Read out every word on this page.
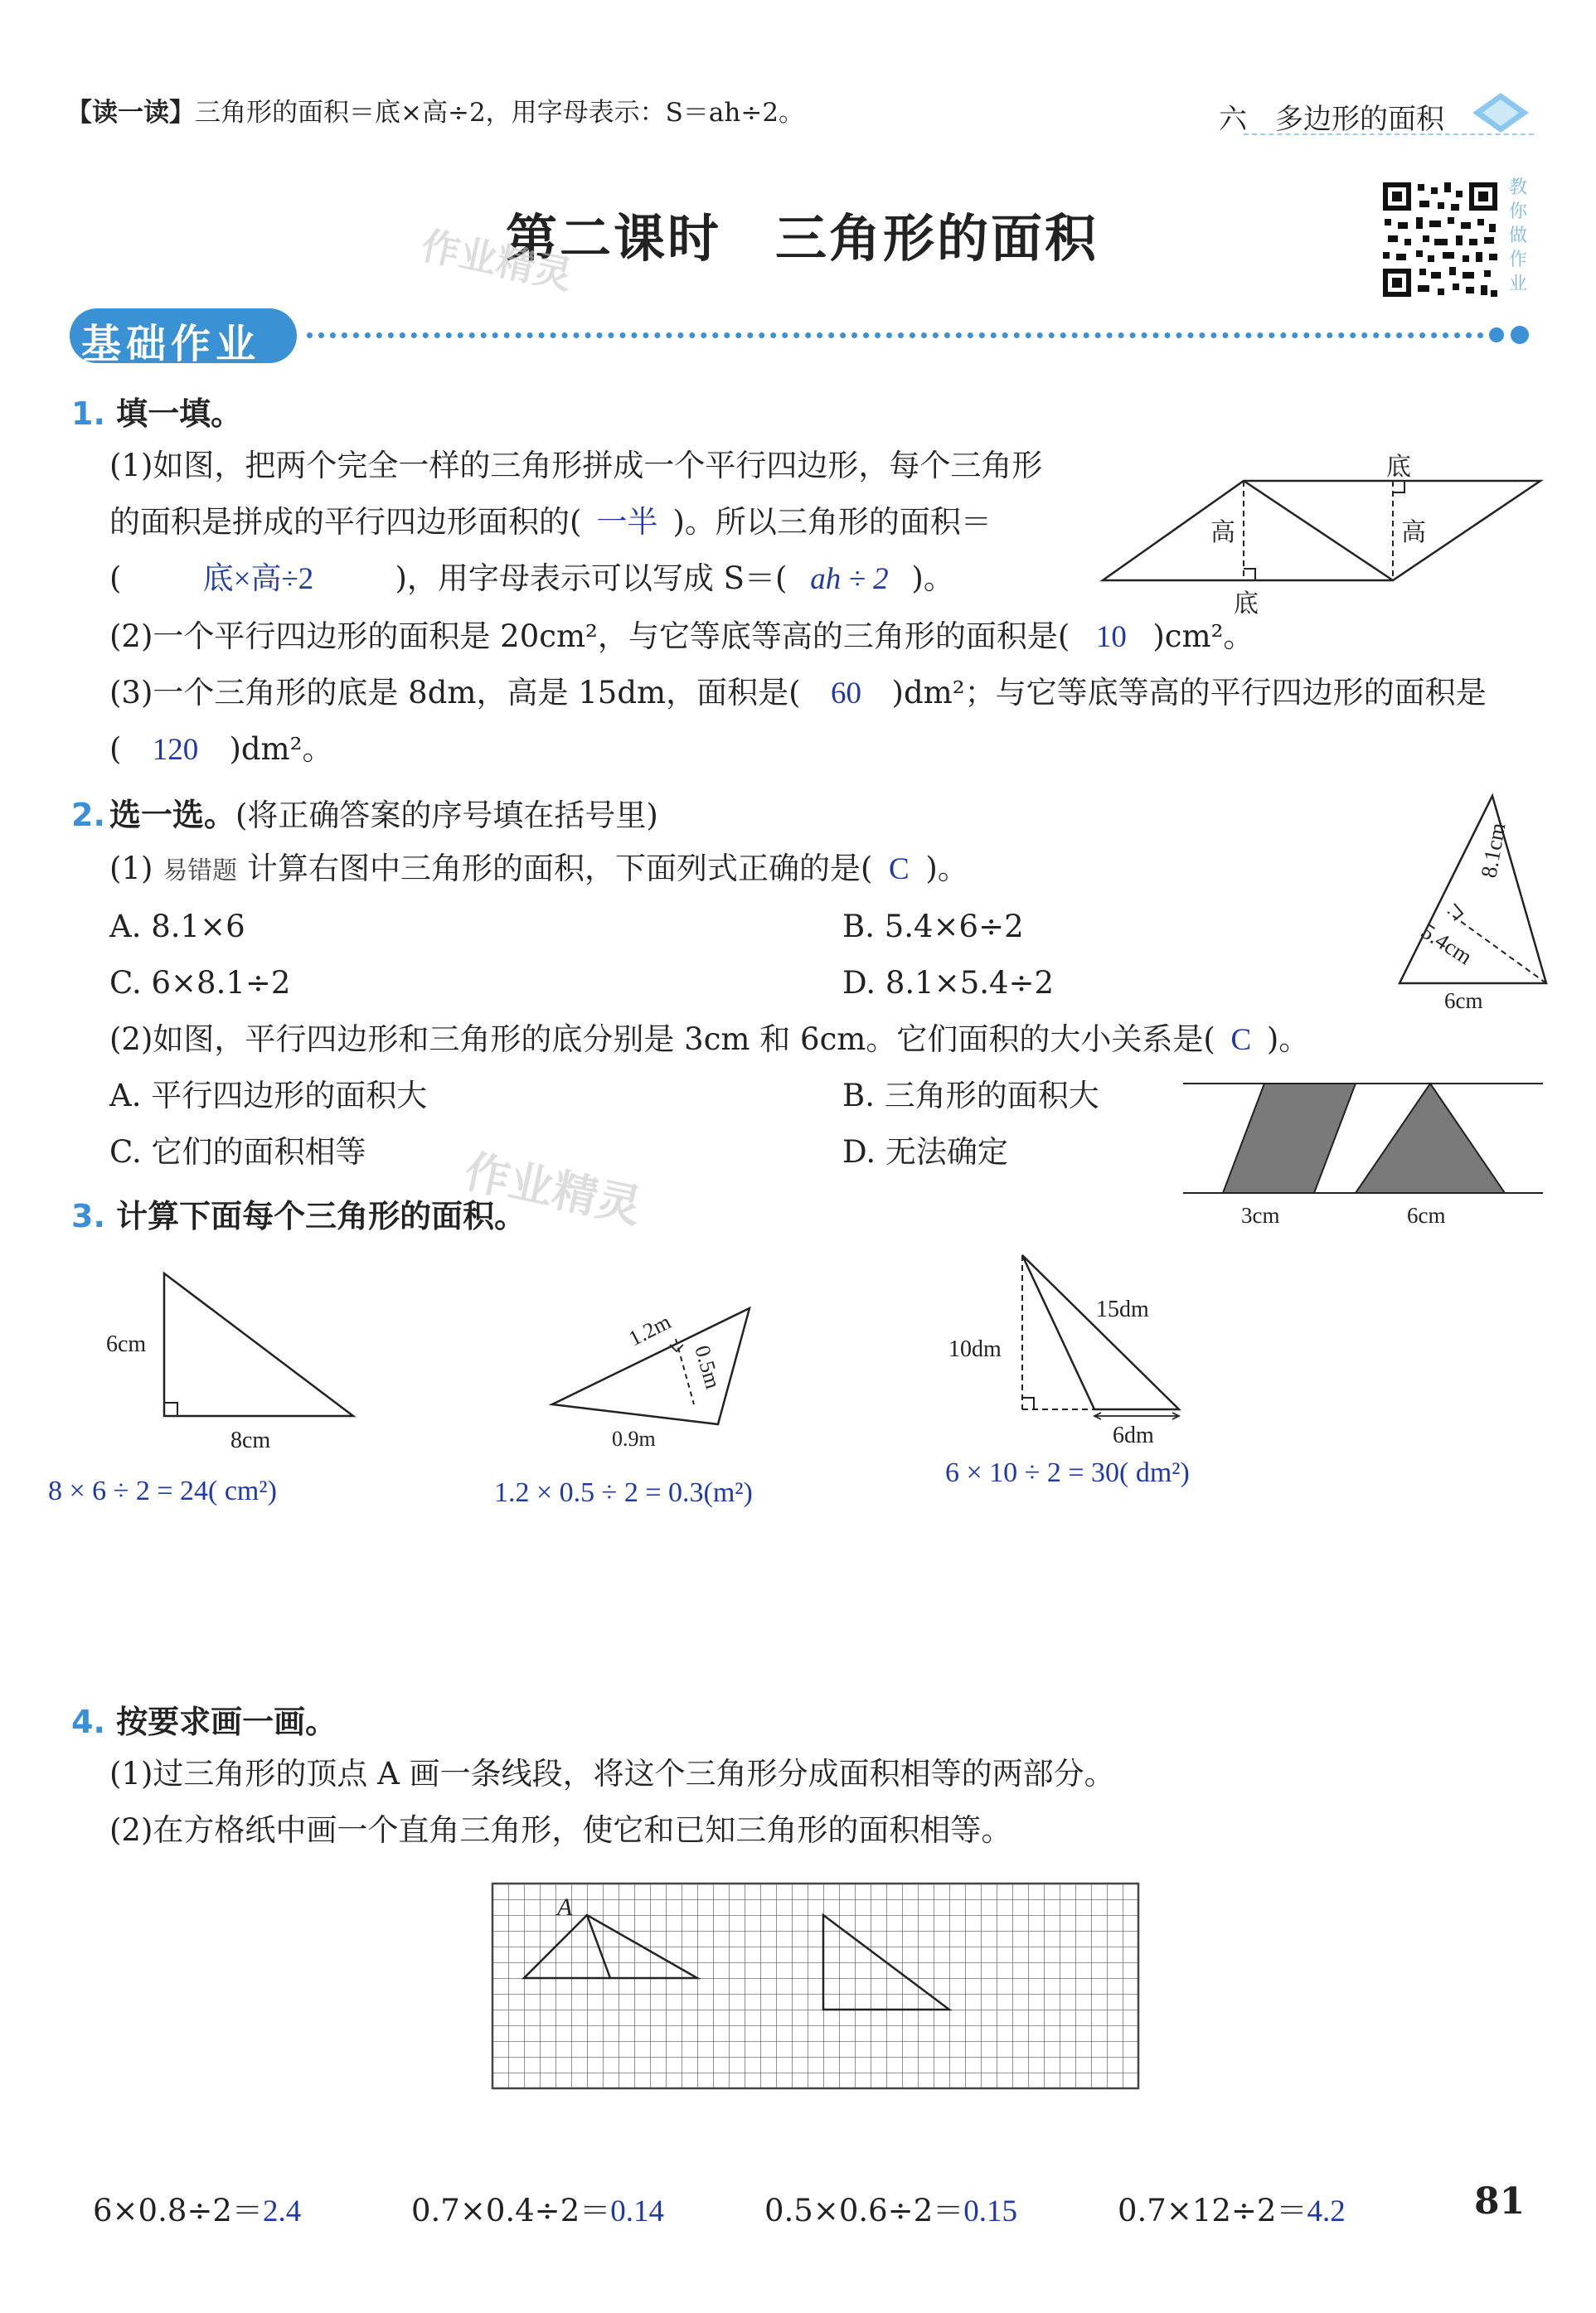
【读一读】三角形的面积＝底×高÷2，用字母表示：S＝ah÷2。	六　多边形的面积
第二课时　三角形的面积
教你做作业
作业精灵
作业精灵
基础作业
1. 填一填。
(1)如图，把两个完全一样的三角形拼成一个平行四边形，每个三角形
的面积是拼成的平行四边形面积的( 一半 )。所以三角形的面积＝
(	底×高÷2	)，用字母表示可以写成 S＝( ah ÷ 2 )。
底
高	高
底
(2)一个平行四边形的面积是 20cm²，与它等底等高的三角形的面积是( 10 )cm²。
(3)一个三角形的底是 8dm，高是 15dm，面积是( 60 )dm²；与它等底等高的平行四边形的面积是
( 120 )dm²。
2. 选一选。(将正确答案的序号填在括号里)
(1) 易错题 计算右图中三角形的面积，下面列式正确的是( C )。
A. 8.1×6	B. 5.4×6÷2
C. 6×8.1÷2	D. 8.1×5.4÷2
8.1cm
5.4cm
6cm
(2)如图，平行四边形和三角形的底分别是 3cm 和 6cm。它们面积的大小关系是( C )。
A. 平行四边形的面积大	B. 三角形的面积大
C. 它们的面积相等	D. 无法确定
3cm	6cm
3. 计算下面每个三角形的面积。
6cm
8cm
8 × 6 ÷ 2 = 24( cm²)
1.2m
0.5m
0.9m
1.2 × 0.5 ÷ 2 = 0.3(m²)
10dm
15dm
6dm
6 × 10 ÷ 2 = 30( dm²)
4. 按要求画一画。
(1)过三角形的顶点 A 画一条线段，将这个三角形分成面积相等的两部分。
(2)在方格纸中画一个直角三角形，使它和已知三角形的面积相等。
A
6×0.8÷2＝2.4	0.7×0.4÷2＝0.14	0.5×0.6÷2＝0.15	0.7×12÷2＝4.2	81
